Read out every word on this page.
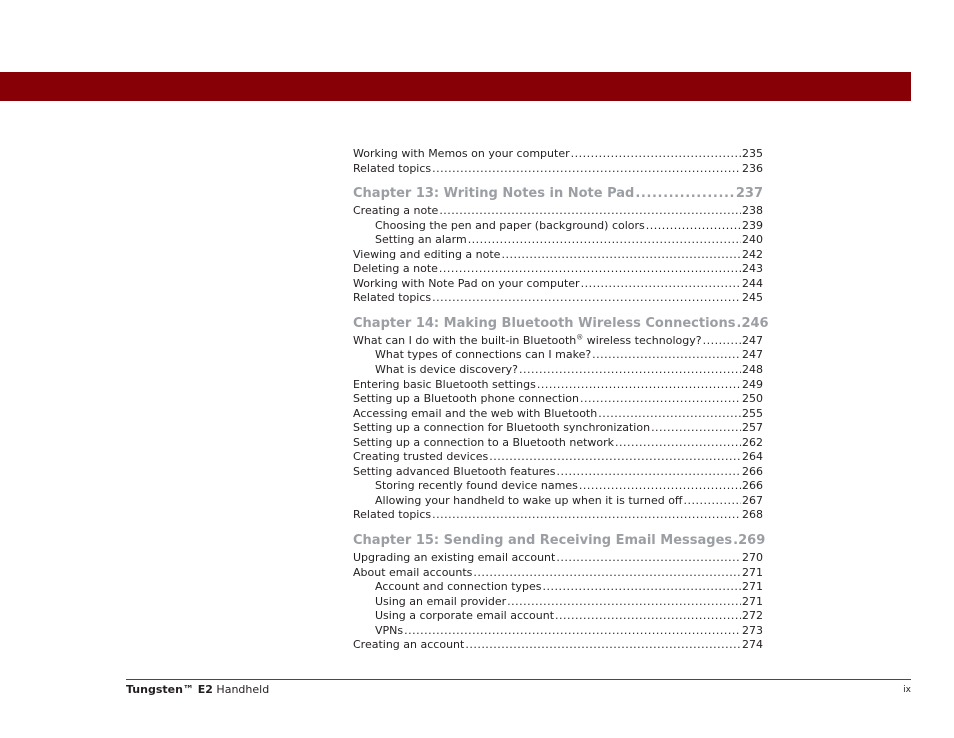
Working with Memos on your computer .....	235
Related topics .....	236
Chapter 13: Writing Notes in Note Pad .....	237
Creating a note .....	238
Choosing the pen and paper (background) colors .....	239
Setting an alarm .....	240
Viewing and editing a note .....	242
Deleting a note .....	243
Working with Note Pad on your computer .....	244
Related topics .....	245
Chapter 14: Making Bluetooth Wireless Connections ..... 246
What can I do with the built-in Bluetooth® wireless technology? .....	247
What types of connections can I make? .....	247
What is device discovery? .....	248
Entering basic Bluetooth settings .....	249
Setting up a Bluetooth phone connection .....	250
Accessing email and the web with Bluetooth .....	255
Setting up a connection for Bluetooth synchronization .....	257
Setting up a connection to a Bluetooth network .....	262
Creating trusted devices .....	264
Setting advanced Bluetooth features .....	266
Storing recently found device names .....	266
Allowing your handheld to wake up when it is turned off .....	267
Related topics .....	268
Chapter 15: Sending and Receiving Email Messages ..... 269
Upgrading an existing email account .....	270
About email accounts .....	271
Account and connection types .....	271
Using an email provider .....	271
Using a corporate email account .....	272
VPNs .....	273
Creating an account .....	274
Tungsten™ E2 Handheld	ix
